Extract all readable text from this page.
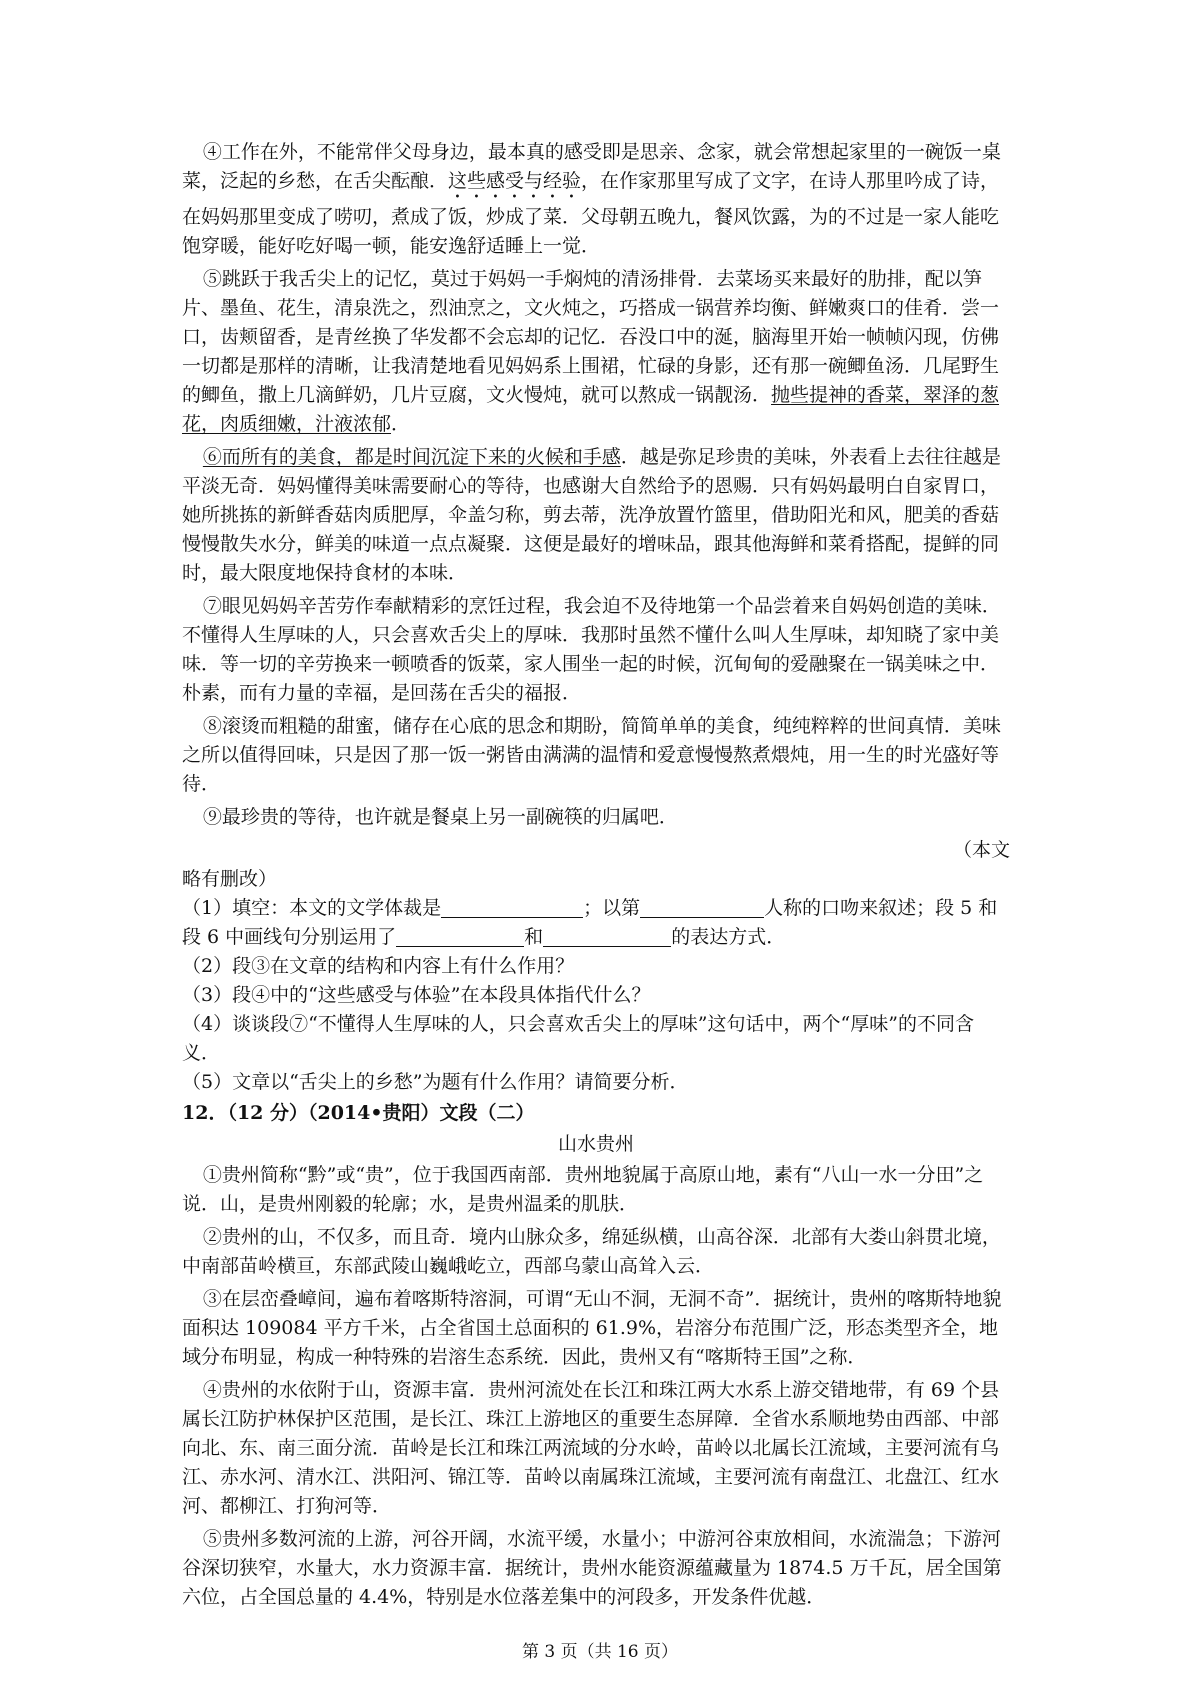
④工作在外，不能常伴父母身边，最本真的感受即是思亲、念家，就会常想起家里的一碗饭一桌菜，泛起的乡愁，在舌尖酝酿．这些感受与经验，在作家那里写成了文字，在诗人那里吟成了诗，在妈妈那里变成了唠叨，煮成了饭，炒成了菜．父母朝五晚九，餐风饮露，为的不过是一家人能吃饱穿暖，能好吃好喝一顿，能安逸舒适睡上一觉．

⑤跳跃于我舌尖上的记忆，莫过于妈妈一手焖炖的清汤排骨．去菜场买来最好的肋排，配以笋片、墨鱼、花生，清泉洗之，烈油烹之，文火炖之，巧搭成一锅营养均衡、鲜嫩爽口的佳肴．尝一口，齿颊留香，是青丝换了华发都不会忘却的记忆．吞没口中的涎，脑海里开始一帧帧闪现，仿佛一切都是那样的清晰，让我清楚地看见妈妈系上围裙，忙碌的身影，还有那一碗鲫鱼汤．几尾野生的鲫鱼，撒上几滴鲜奶，几片豆腐，文火慢炖，就可以熬成一锅靓汤．抛些提神的香菜，翠泽的葱花，肉质细嫩，汁液浓郁．

⑥而所有的美食，都是时间沉淀下来的火候和手感．越是弥足珍贵的美味，外表看上去往往越是平淡无奇．妈妈懂得美味需要耐心的等待，也感谢大自然给予的恩赐．只有妈妈最明白自家胃口，她所挑拣的新鲜香菇肉质肥厚，伞盖匀称，剪去蒂，洗净放置竹篮里，借助阳光和风，肥美的香菇慢慢散失水分，鲜美的味道一点点凝聚．这便是最好的增味品，跟其他海鲜和菜肴搭配，提鲜的同时，最大限度地保持食材的本味．

⑦眼见妈妈辛苦劳作奉献精彩的烹饪过程，我会迫不及待地第一个品尝着来自妈妈创造的美味．不懂得人生厚味的人，只会喜欢舌尖上的厚味．我那时虽然不懂什么叫人生厚味，却知晓了家中美味．等一切的辛劳换来一顿喷香的饭菜，家人围坐一起的时候，沉甸甸的爱融聚在一锅美味之中．朴素，而有力量的幸福，是回荡在舌尖的福报．

⑧滚烫而粗糙的甜蜜，储存在心底的思念和期盼，简简单单的美食，纯纯粹粹的世间真情．美味之所以值得回味，只是因了那一饭一粥皆由满满的温情和爱意慢慢熬煮煨炖，用一生的时光盛好等待．

⑨最珍贵的等待，也许就是餐桌上另一副碗筷的归属吧．

（本文

略有删改）

（1）填空：本文的文学体裁是	；以第	人称的口吻来叙述；段 5 和段 6 中画线句分别运用了	和	的表达方式．

（2）段③在文章的结构和内容上有什么作用？

（3）段④中的“这些感受与体验”在本段具体指代什么？

（4）谈谈段⑦“不懂得人生厚味的人，只会喜欢舌尖上的厚味”这句话中，两个“厚味”的不同含义．

（5）文章以“舌尖上的乡愁”为题有什么作用？请简要分析．

12．（12 分）（2014•贵阳）文段（二）

山水贵州

①贵州简称“黔”或“贵”，位于我国西南部．贵州地貌属于高原山地，素有“八山一水一分田”之说．山，是贵州刚毅的轮廓；水，是贵州温柔的肌肤．

②贵州的山，不仅多，而且奇．境内山脉众多，绵延纵横，山高谷深．北部有大娄山斜贯北境，中南部苗岭横亘，东部武陵山巍峨屹立，西部乌蒙山高耸入云．

③在层峦叠嶂间，遍布着喀斯特溶洞，可谓“无山不洞，无洞不奇”．据统计，贵州的喀斯特地貌面积达 109084 平方千米，占全省国土总面积的 61.9%，岩溶分布范围广泛，形态类型齐全，地域分布明显，构成一种特殊的岩溶生态系统．因此，贵州又有“喀斯特王国”之称．

④贵州的水依附于山，资源丰富．贵州河流处在长江和珠江两大水系上游交错地带，有 69 个县属长江防护林保护区范围，是长江、珠江上游地区的重要生态屏障．全省水系顺地势由西部、中部向北、东、南三面分流．苗岭是长江和珠江两流域的分水岭，苗岭以北属长江流域，主要河流有乌江、赤水河、清水江、洪阳河、锦江等．苗岭以南属珠江流域，主要河流有南盘江、北盘江、红水河、都柳江、打狗河等．

⑤贵州多数河流的上游，河谷开阔，水流平缓，水量小；中游河谷束放相间，水流湍急；下游河谷深切狭窄，水量大，水力资源丰富．据统计，贵州水能资源蕴藏量为 1874.5 万千瓦，居全国第六位，占全国总量的 4.4%，特别是水位落差集中的河段多，开发条件优越．

第 3 页（共 16 页）
